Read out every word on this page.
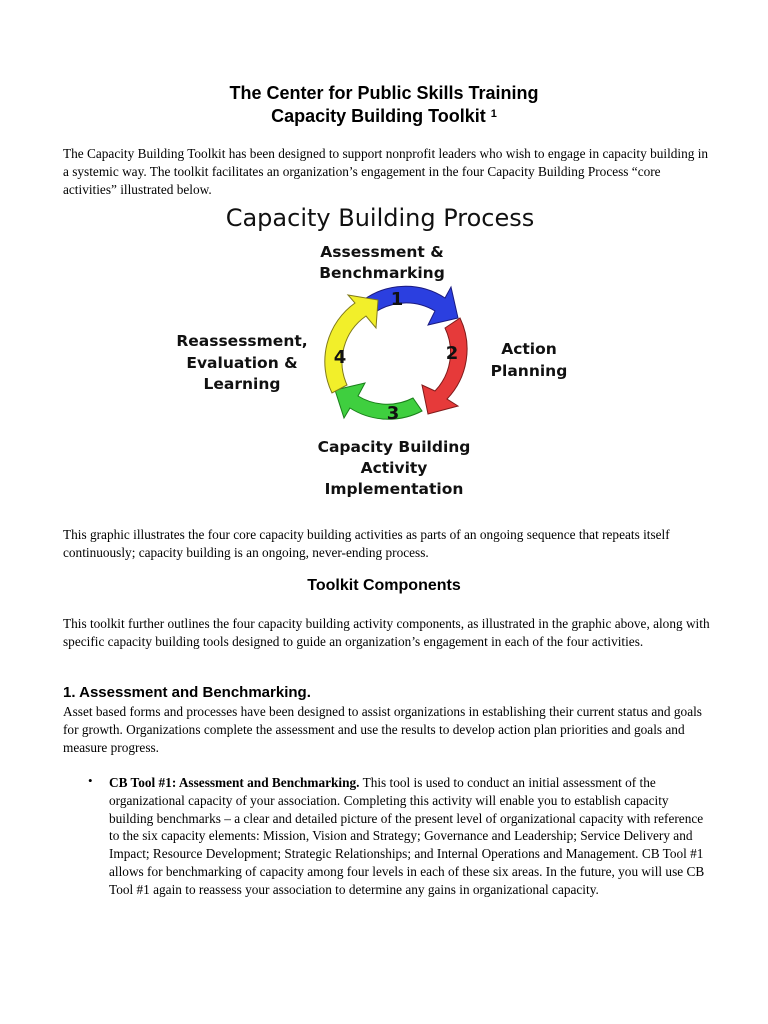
The Center for Public Skills Training
Capacity Building Toolkit $^1$

The Capacity Building Toolkit has been designed to support nonprofit leaders who wish to engage in capacity building in a systemic way. The toolkit facilitates an organization’s engagement in the four Capacity Building Process “core activities” illustrated below.

Capacity Building Process
1
2
3
4
Assessment &
Benchmarking
Action
Planning
Capacity Building
Activity
Implementation
Reassessment,
Evaluation &
Learning

This graphic illustrates the four core capacity building activities as parts of an ongoing sequence that repeats itself continuously; capacity building is an ongoing, never-ending process.

Toolkit Components

This toolkit further outlines the four capacity building activity components, as illustrated in the graphic above, along with specific capacity building tools designed to guide an organization’s engagement in each of the four activities.

1. Assessment and Benchmarking.

Asset based forms and processes have been designed to assist organizations in establishing their current status and goals for growth. Organizations complete the assessment and use the results to develop action plan priorities and goals and measure progress.

• CB Tool #1: Assessment and Benchmarking. This tool is used to conduct an initial assessment of the organizational capacity of your association. Completing this activity will enable you to establish capacity building benchmarks – a clear and detailed picture of the present level of organizational capacity with reference to the six capacity elements: Mission, Vision and Strategy; Governance and Leadership; Service Delivery and Impact; Resource Development; Strategic Relationships; and Internal Operations and Management. CB Tool #1 allows for benchmarking of capacity among four levels in each of these six areas. In the future, you will use CB Tool #1 again to reassess your association to determine any gains in organizational capacity.
